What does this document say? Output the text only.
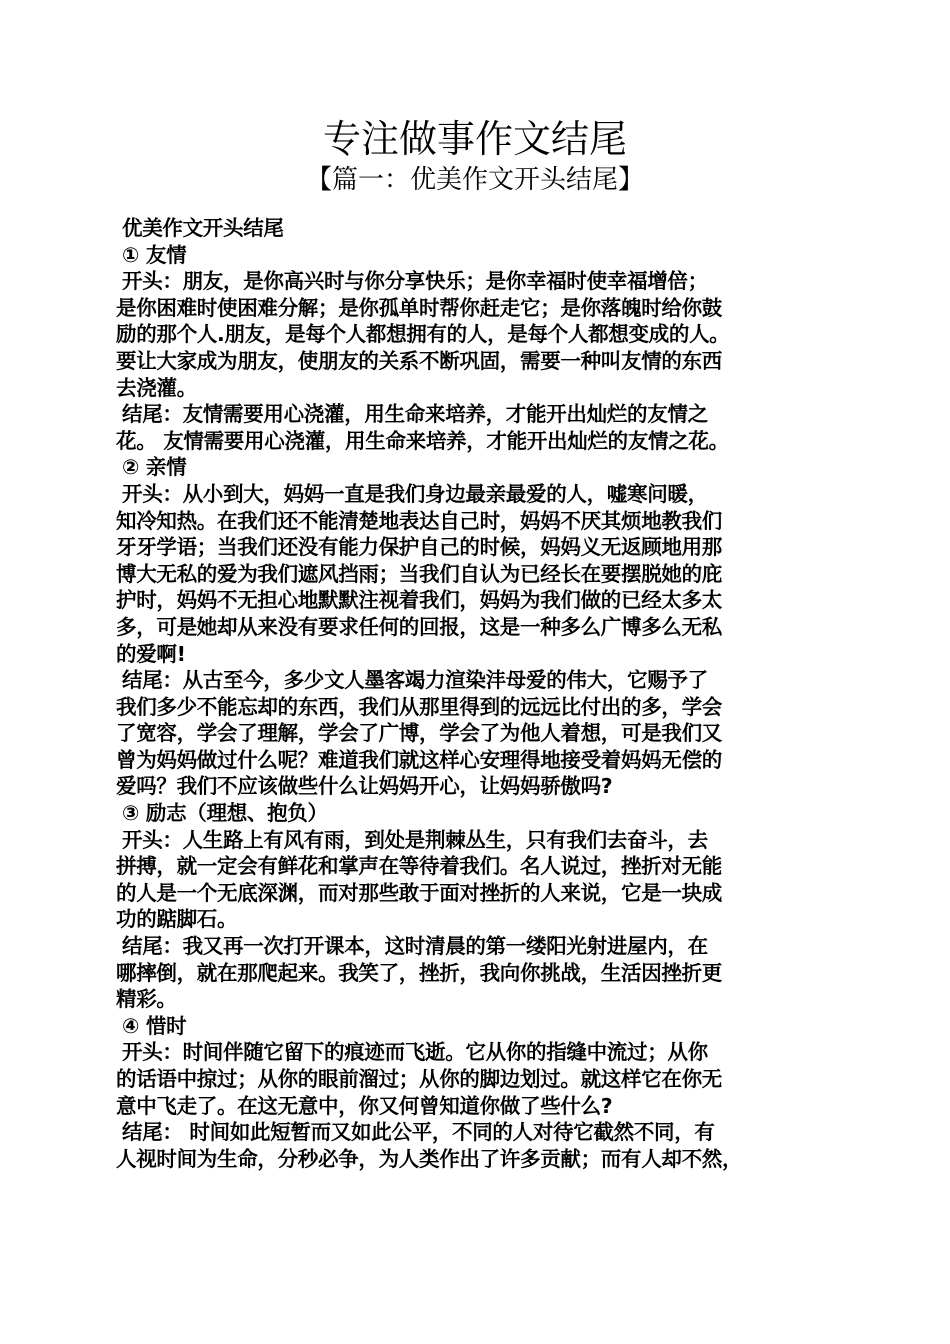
专注做事作文结尾
【篇一：优美作文开头结尾】
优美作文开头结尾
① 友情
开头：朋友，是你高兴时与你分享快乐；是你幸福时使幸福增倍；
是你困难时使困难分解；是你孤单时帮你赶走它；是你落魄时给你鼓
励的那个人.朋友，是每个人都想拥有的人，是每个人都想变成的人。
要让大家成为朋友，使朋友的关系不断巩固，需要一种叫友情的东西
去浇灌。
结尾：友情需要用心浇灌，用生命来培养，才能开出灿烂的友情之
花。 友情需要用心浇灌，用生命来培养，才能开出灿烂的友情之花。
② 亲情
开头：从小到大，妈妈一直是我们身边最亲最爱的人，嘘寒问暖，
知冷知热。在我们还不能清楚地表达自己时，妈妈不厌其烦地教我们
牙牙学语；当我们还没有能力保护自己的时候，妈妈义无返顾地用那
博大无私的爱为我们遮风挡雨；当我们自认为已经长在要摆脱她的庇
护时，妈妈不无担心地默默注视着我们，妈妈为我们做的已经太多太
多，可是她却从来没有要求任何的回报，这是一种多么广博多么无私
的爱啊!
结尾：从古至今，多少文人墨客竭力渲染沣母爱的伟大，它赐予了
我们多少不能忘却的东西，我们从那里得到的远远比付出的多，学会
了宽容，学会了理解，学会了广博，学会了为他人着想，可是我们又
曾为妈妈做过什么呢？难道我们就这样心安理得地接受着妈妈无偿的
爱吗？我们不应该做些什么让妈妈开心，让妈妈骄傲吗?
③ 励志（理想、抱负）
开头：人生路上有风有雨，到处是荆棘丛生，只有我们去奋斗，去
拼搏，就一定会有鲜花和掌声在等待着我们。名人说过，挫折对无能
的人是一个无底深渊，而对那些敢于面对挫折的人来说，它是一块成
功的踮脚石。
结尾：我又再一次打开课本，这时清晨的第一缕阳光射进屋内，在
哪摔倒，就在那爬起来。我笑了，挫折，我向你挑战，生活因挫折更
精彩。
④ 惜时
开头：时间伴随它留下的痕迹而飞逝。它从你的指缝中流过；从你
的话语中掠过；从你的眼前溜过；从你的脚边划过。就这样它在你无
意中飞走了。在这无意中，你又何曾知道你做了些什么?
结尾： 时间如此短暂而又如此公平，不同的人对待它截然不同，有
人视时间为生命，分秒必争，为人类作出了许多贡献；而有人却不然，
